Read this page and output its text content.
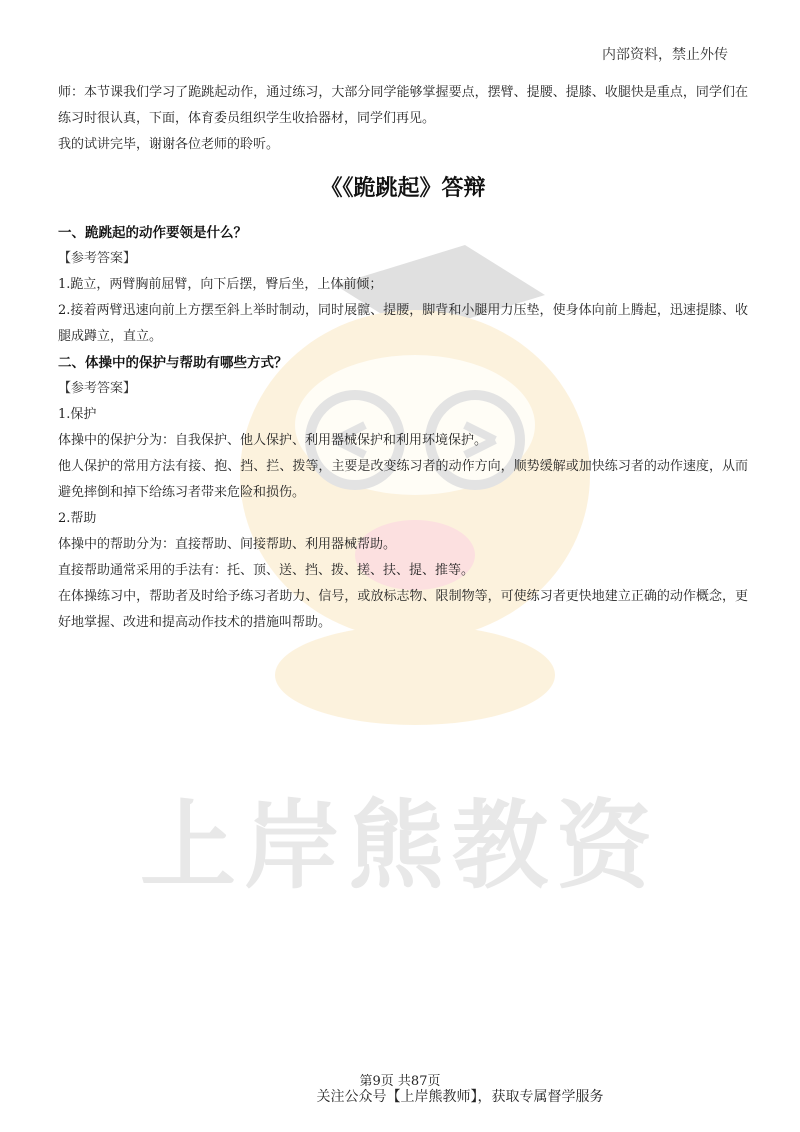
上岸熊教资
内部资料，禁止外传

师：本节课我们学习了跪跳起动作，通过练习，大部分同学能够掌握要点，摆臂、提腰、提膝、收腿快是重点，同学们在练习时很认真，下面，体育委员组织学生收拾器材，同学们再见。

我的试讲完毕，谢谢各位老师的聆听。

《《跪跳起》答辩

一、跪跳起的动作要领是什么？

【参考答案】

1.跪立，两臂胸前屈臂，向下后摆，臀后坐，上体前倾；

2.接着两臂迅速向前上方摆至斜上举时制动，同时展髋、提腰，脚背和小腿用力压垫，使身体向前上腾起，迅速提膝、收腿成蹲立，直立。

二、体操中的保护与帮助有哪些方式？

【参考答案】

1.保护

体操中的保护分为：自我保护、他人保护、利用器械保护和利用环境保护。

他人保护的常用方法有接、抱、挡、拦、拨等，主要是改变练习者的动作方向，顺势缓解或加快练习者的动作速度，从而避免摔倒和掉下给练习者带来危险和损伤。

2.帮助

体操中的帮助分为：直接帮助、间接帮助、利用器械帮助。

直接帮助通常采用的手法有：托、顶、送、挡、拨、搓、扶、提、推等。

在体操练习中，帮助者及时给予练习者助力、信号，或放标志物、限制物等，可使练习者更快地建立正确的动作概念，更好地掌握、改进和提高动作技术的措施叫帮助。

第9页 共87页
关注公众号【上岸熊教师】，获取专属督学服务
